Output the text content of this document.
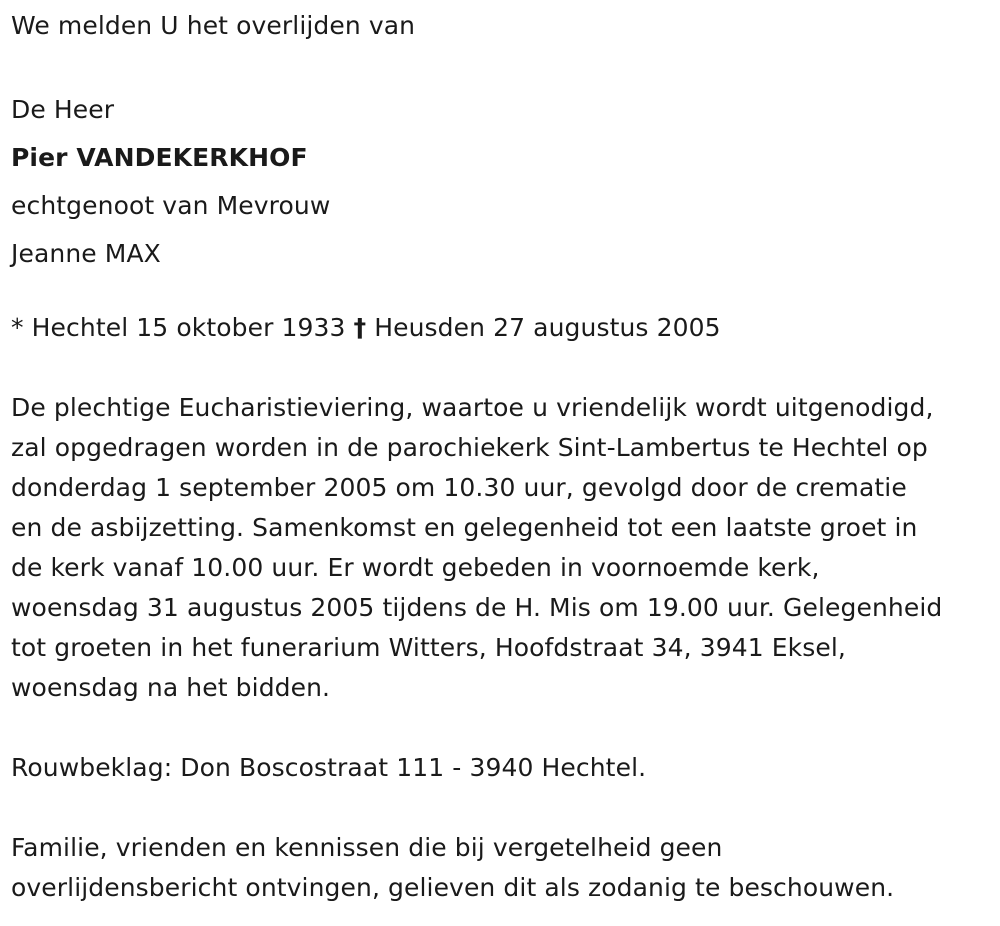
We melden U het overlijden van
De Heer
Pier VANDEKERKHOF
echtgenoot van Mevrouw
Jeanne MAX
* Hechtel 15 oktober 1933 † Heusden 27 augustus 2005
De plechtige Eucharistieviering, waartoe u vriendelijk wordt uitgenodigd,
zal opgedragen worden in de parochiekerk Sint-Lambertus te Hechtel op
donderdag 1 september 2005 om 10.30 uur, gevolgd door de crematie
en de asbijzetting. Samenkomst en gelegenheid tot een laatste groet in
de kerk vanaf 10.00 uur. Er wordt gebeden in voornoemde kerk,
woensdag 31 augustus 2005 tijdens de H. Mis om 19.00 uur. Gelegenheid
tot groeten in het funerarium Witters, Hoofdstraat 34, 3941 Eksel,
woensdag na het bidden.
Rouwbeklag: Don Boscostraat 111 - 3940 Hechtel.
Familie, vrienden en kennissen die bij vergetelheid geen
overlijdensbericht ontvingen, gelieven dit als zodanig te beschouwen.
